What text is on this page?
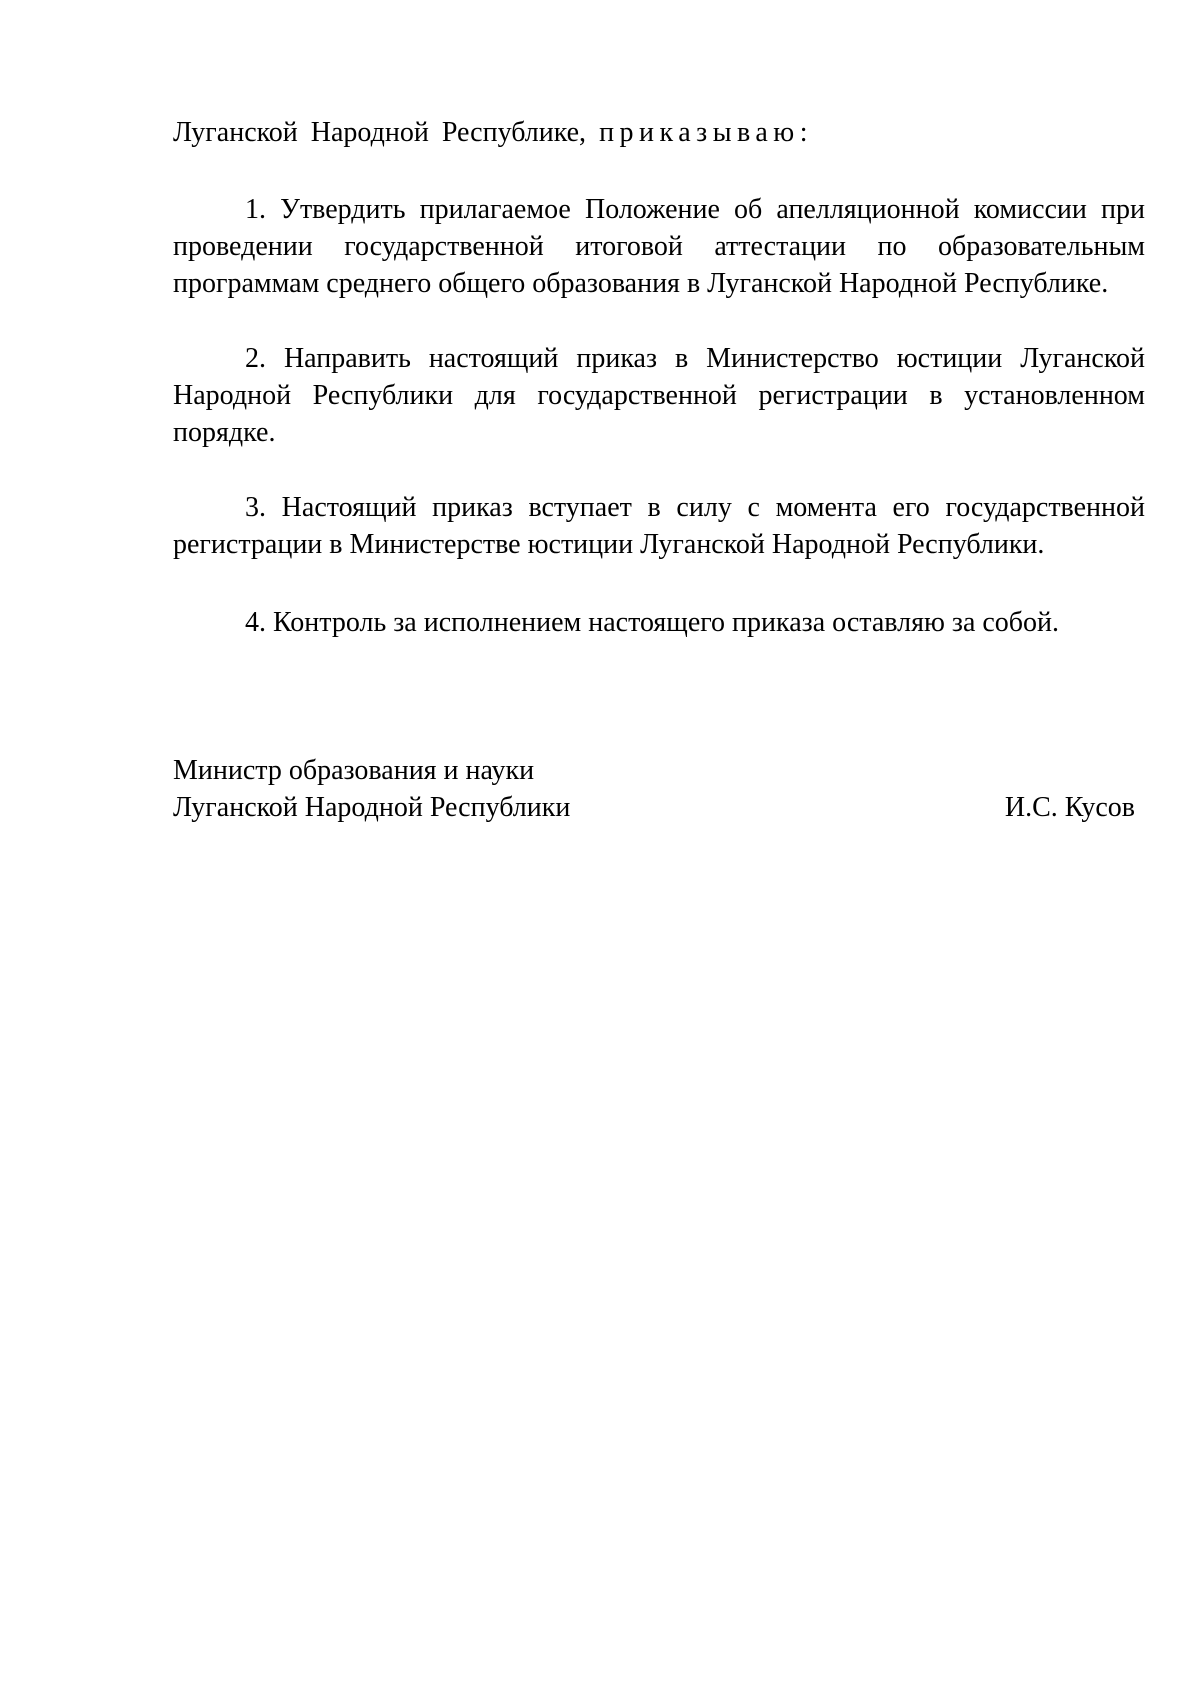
Луганской Народной Республике, приказываю:

1. Утвердить прилагаемое Положение об апелляционной комиссии при проведении государственной итоговой аттестации по образовательным программам среднего общего образования в Луганской Народной Республике.

2. Направить настоящий приказ в Министерство юстиции Луганской Народной Республики для государственной регистрации в установленном порядке.

3. Настоящий приказ вступает в силу с момента его государственной регистрации в Министерстве юстиции Луганской Народной Республики.

4. Контроль за исполнением настоящего приказа оставляю за собой.

Министр образования и науки
Луганской Народной Республики	И.С. Кусов
